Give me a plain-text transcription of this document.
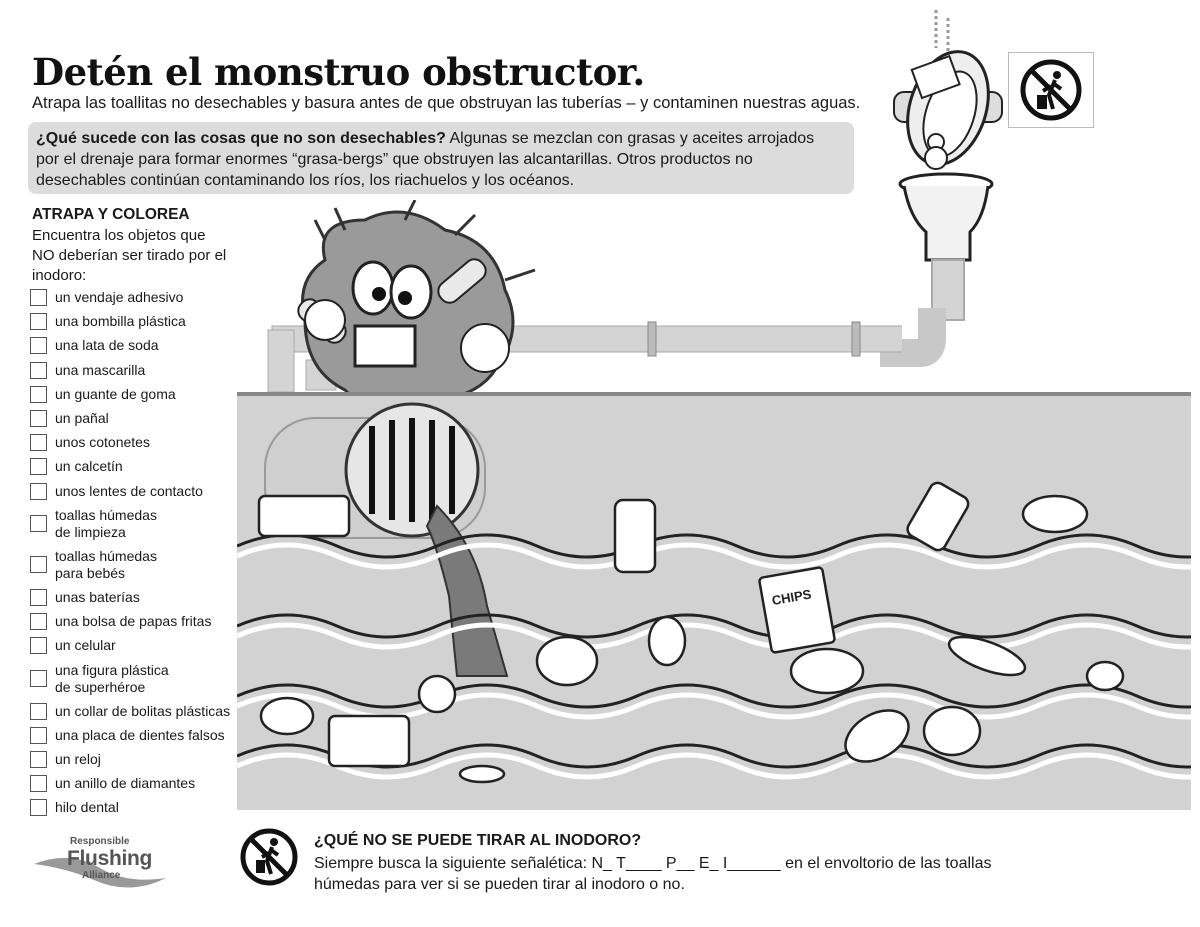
Detén el monstruo obstructor.
Atrapa las toallitas no desechables y basura antes de que obstruyan las tuberías – y contaminen nuestras aguas.
¿Qué sucede con las cosas que no son desechables? Algunas se mezclan con grasas y aceites arrojados
por el drenaje para formar enormes “grasa-bergs” que obstruyen las alcantarillas. Otros productos no
desechables continúan contaminando los ríos, los riachuelos y los océanos.
ATRAPA Y COLOREA
Encuentra los objetos que NO deberían ser tirado por el inodoro:
un vendaje adhesivo
una bombilla plástica
una lata de soda
una mascarilla
un guante de goma
un pañal
unos cotonetes
un calcetín
unos lentes de contacto
toallas húmedas
de limpieza
toallas húmedas
para bebés
unas baterías
una bolsa de papas fritas
un celular
una figura plástica
de superhéroe
un collar de bolitas plásticas
una placa de dientes falsos
un reloj
un anillo de diamantes
hilo dental
CHIPS
¿QUÉ NO SE PUEDE TIRAR AL INODORO?
Siempre busca la siguiente señalética: N_ T____ P__ E_ I______ en el envoltorio de las toallas
húmedas para ver si se pueden tirar al inodoro o no.
Responsible
Flushing
Alliance
